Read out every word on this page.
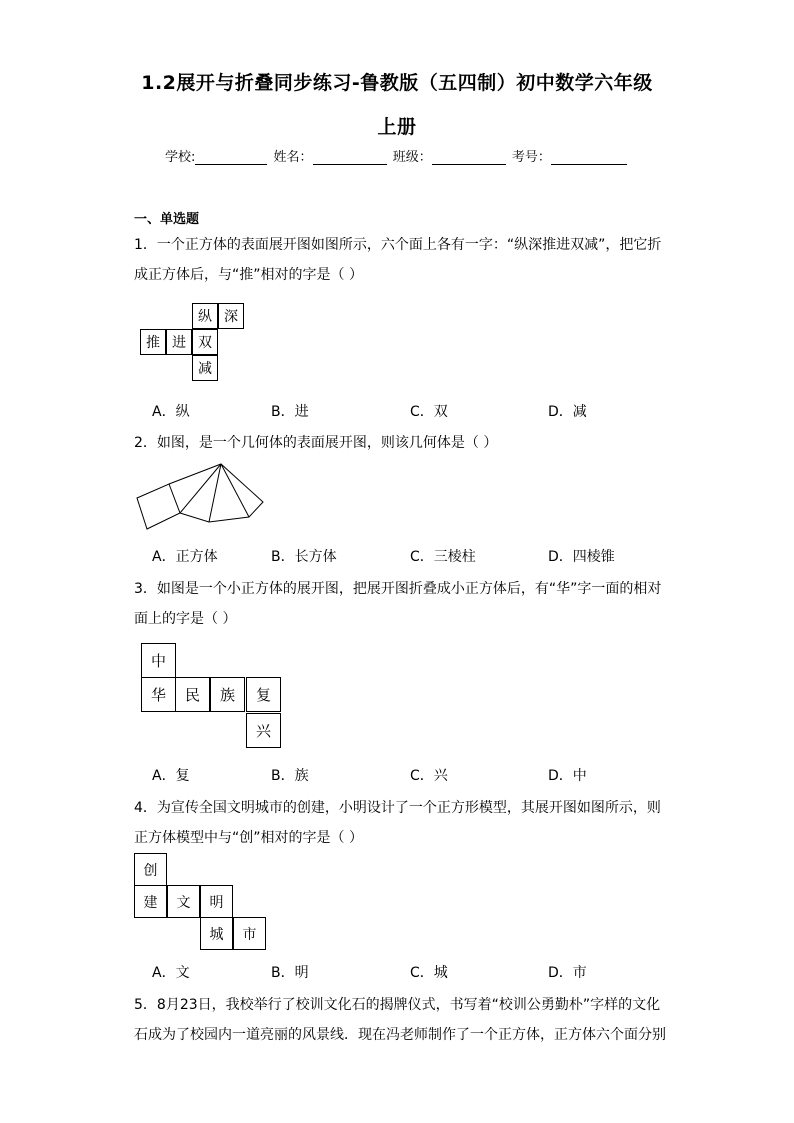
1.2展开与折叠同步练习-鲁教版（五四制）初中数学六年级
上册
学校:	姓名：	班级：	考号：
一、单选题
1．一个正方体的表面展开图如图所示，六个面上各有一字：“纵深推进双减”，把它折
成正方体后，与“推”相对的字是（ ）
纵 深
推 进 双
减
A．纵	B．进	C．双	D．减
2．如图，是一个几何体的表面展开图，则该几何体是（ ）
A．正方体	B．长方体	C．三棱柱	D．四棱锥
3．如图是一个小正方体的展开图，把展开图折叠成小正方体后，有“华”字一面的相对
面上的字是（ ）
中
华	民	族	复
兴
A．复	B．族	C．兴	D．中
4．为宣传全国文明城市的创建，小明设计了一个正方形模型，其展开图如图所示，则
正方体模型中与“创”相对的字是（ ）
创
建	文	明
城	市
A．文	B．明	C．城	D．市
5．8月23日，我校举行了校训文化石的揭牌仪式，书写着“校训公勇勤朴”字样的文化
石成为了校园内一道亮丽的风景线．现在冯老师制作了一个正方体，正方体六个面分别
